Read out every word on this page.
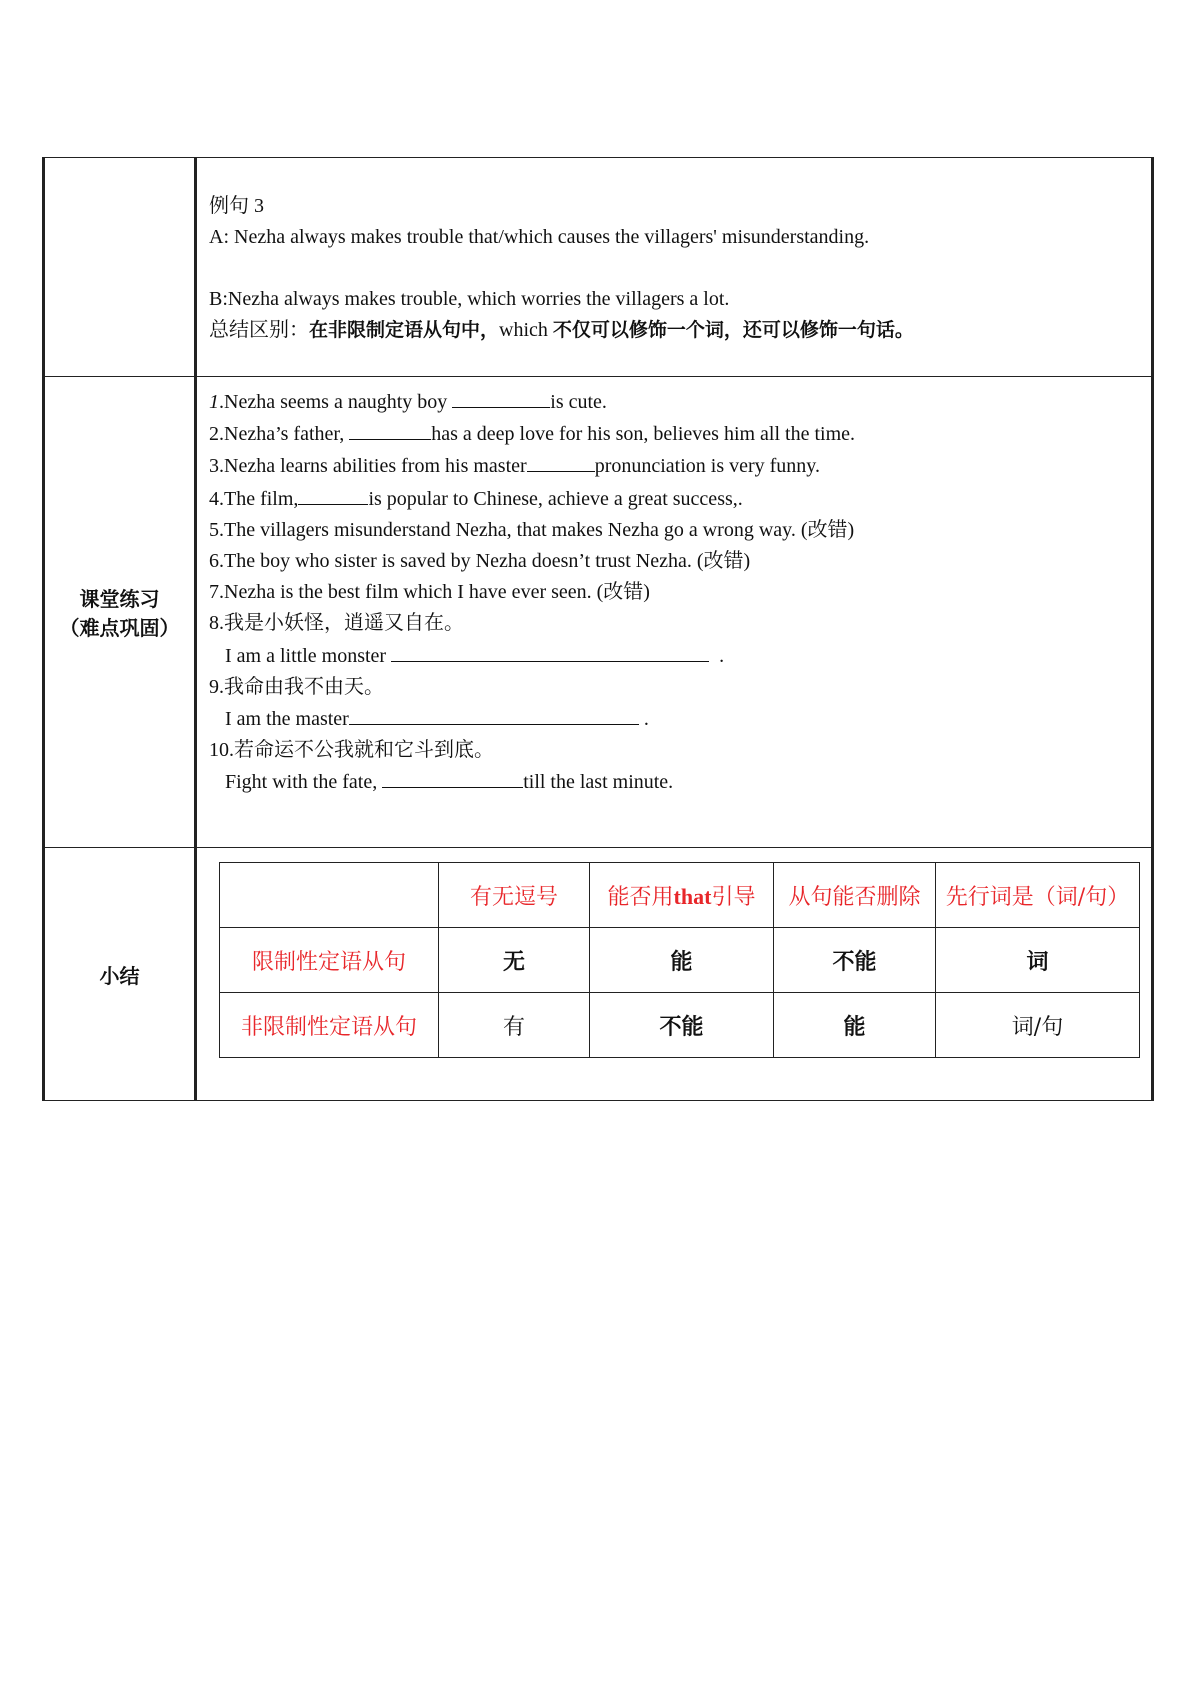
例句 3

A: Nezha always makes trouble that/which causes the villagers' misunderstanding.

B:Nezha always makes trouble, which worries the villagers a lot.

总结区别：在非限制定语从句中，which 不仅可以修饰一个词，还可以修饰一句话。

课堂练习
（难点巩固）

1.Nezha seems a naughty boy	is cute.

2.Nezha’s father,	has a deep love for his son, believes him all the time.

3.Nezha learns abilities from his master	pronunciation is very funny.

4.The film,	is popular to Chinese, achieve a great success,.

5.The villagers misunderstand Nezha, that makes Nezha go a wrong way. (改错)

6.The boy who sister is saved by Nezha doesn’t trust Nezha. (改错)

7.Nezha is the best film which I have ever seen. (改错)

8.我是小妖怪，逍遥又自在。

I am a little monster	.

9.我命由我不由天。

I am the master	.

10.若命运不公我就和它斗到底。

Fight with the fate,	till the last minute.

小结	
	有无逗号	能否用that引导	从句能否删除	先行词是（词/句）
限制性定语从句	无	能	不能	词
非限制性定语从句	有	不能	能	词/句
